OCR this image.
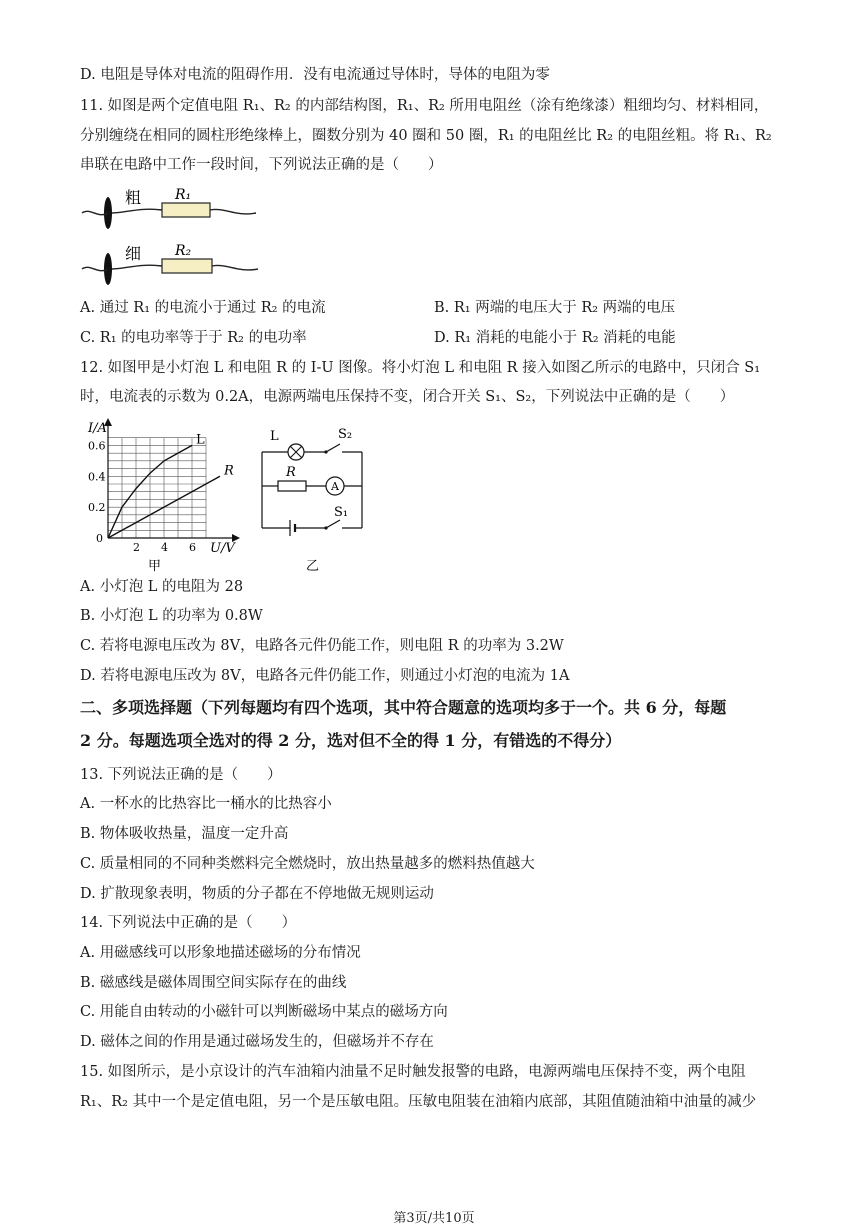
D. 电阻是导体对电流的阻碍作用．没有电流通过导体时，导体的电阻为零
11. 如图是两个定值电阻 R₁、R₂ 的内部结构图，R₁、R₂ 所用电阻丝（涂有绝缘漆）粗细均匀、材料相同，
分别缠绕在相同的圆柱形绝缘棒上，圈数分别为 40 圈和 50 圈，R₁ 的电阻丝比 R₂ 的电阻丝粗。将 R₁、R₂
串联在电路中工作一段时间，下列说法正确的是（　　）
粗 R₁
细 R₂
A. 通过 R₁ 的电流小于通过 R₂ 的电流	B. R₁ 两端的电压大于 R₂ 两端的电压
C. R₁ 的电功率等于于 R₂ 的电功率	D. R₁ 消耗的电能小于 R₂ 消耗的电能
12. 如图甲是小灯泡 L 和电阻 R 的 I-U 图像。将小灯泡 L 和电阻 R 接入如图乙所示的电路中，只闭合 S₁
时，电流表的示数为 0.2A，电源两端电压保持不变，闭合开关 S₁、S₂，下列说法中正确的是（　　）
2 4 6
0.2
0.4
0.6	L
R
I/A
U/V
0
甲
L	S₂
A
R
S₁
乙
A. 小灯泡 L 的电阻为 28
B. 小灯泡 L 的功率为 0.8W
C. 若将电源电压改为 8V，电路各元件仍能工作，则电阻 R 的功率为 3.2W
D. 若将电源电压改为 8V，电路各元件仍能工作，则通过小灯泡的电流为 1A
二、多项选择题（下列每题均有四个选项，其中符合题意的选项均多于一个。共 6 分，每题
2 分。每题选项全选对的得 2 分，选对但不全的得 1 分，有错选的不得分）
13. 下列说法正确的是（　　）
A. 一杯水的比热容比一桶水的比热容小
B. 物体吸收热量，温度一定升高
C. 质量相同的不同种类燃料完全燃烧时，放出热量越多的燃料热值越大
D. 扩散现象表明，物质的分子都在不停地做无规则运动
14. 下列说法中正确的是（　　）
A. 用磁感线可以形象地描述磁场的分布情况
B. 磁感线是磁体周围空间实际存在的曲线
C. 用能自由转动的小磁针可以判断磁场中某点的磁场方向
D. 磁体之间的作用是通过磁场发生的，但磁场并不存在
15. 如图所示，是小京设计的汽车油箱内油量不足时触发报警的电路，电源两端电压保持不变，两个电阻
R₁、R₂ 其中一个是定值电阻，另一个是压敏电阻。压敏电阻装在油箱内底部，其阻值随油箱中油量的减少
第3页/共10页
